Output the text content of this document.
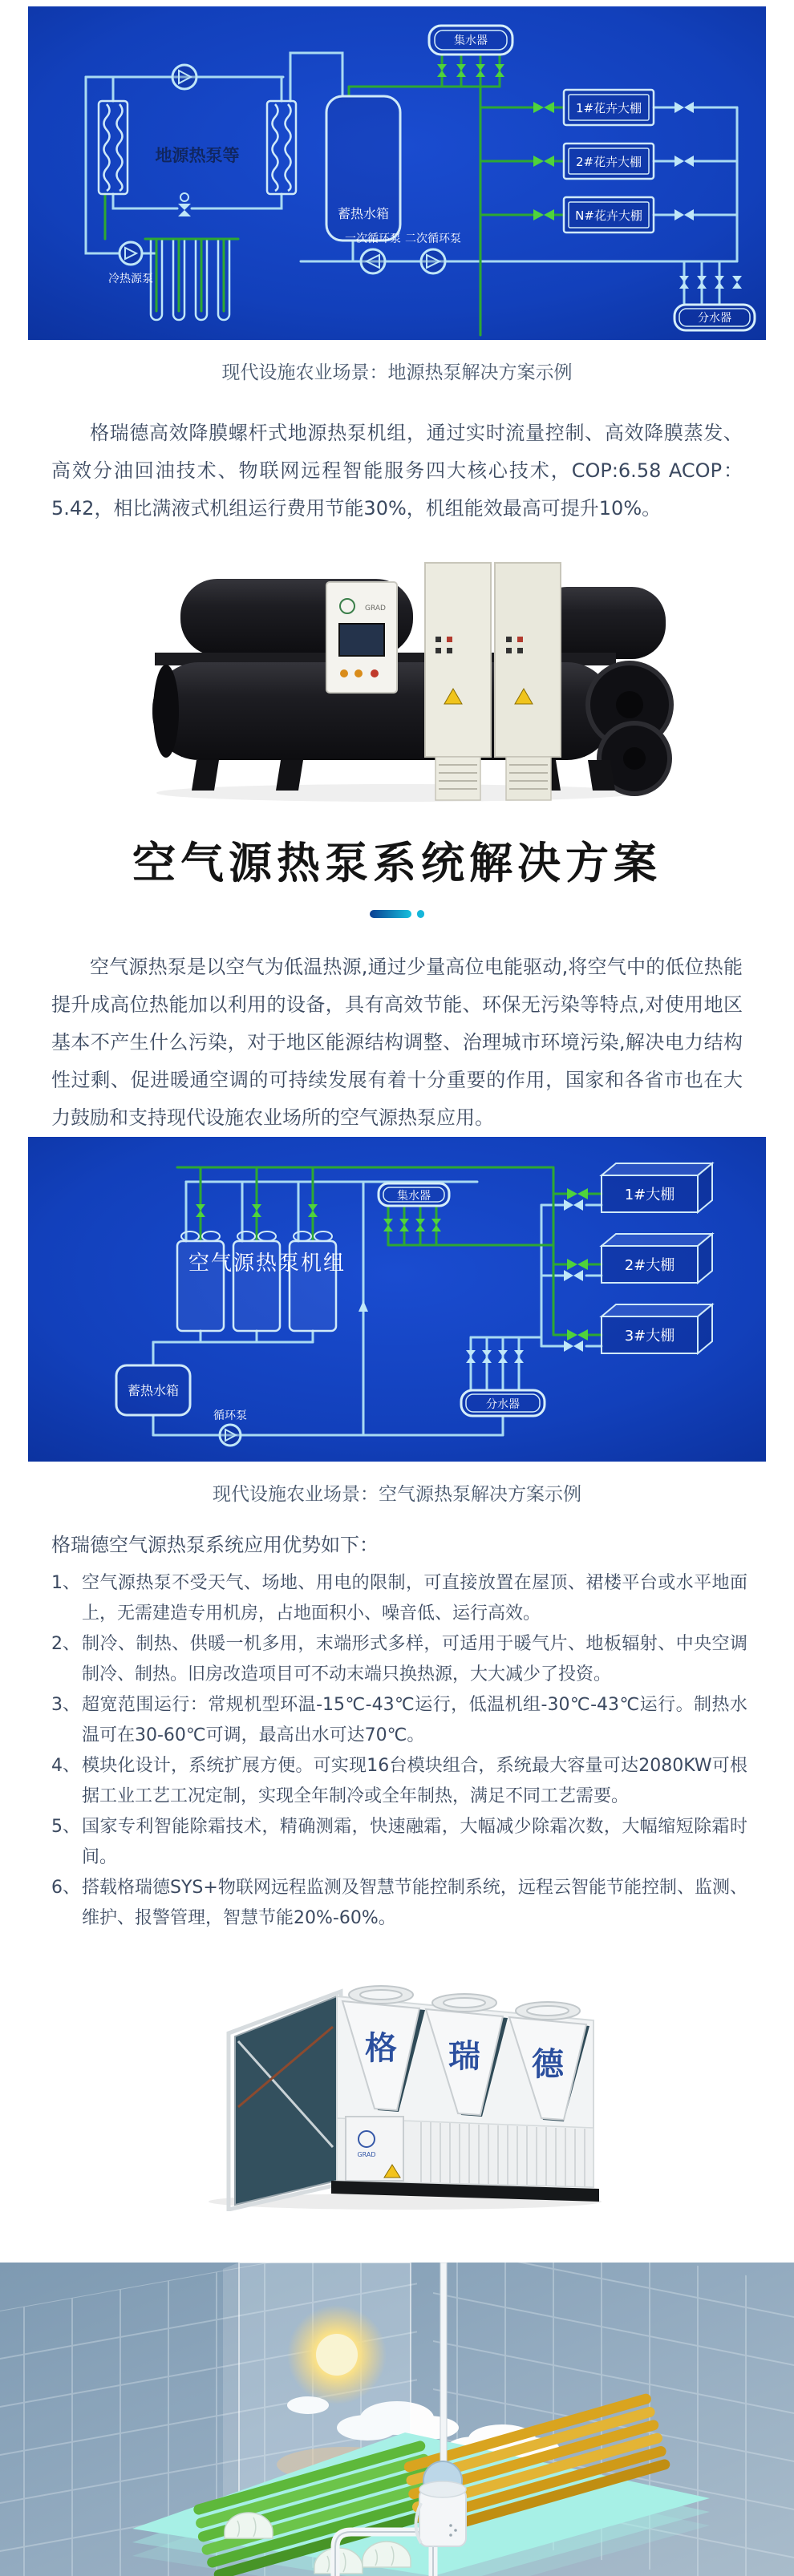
集水器
1#花卉大棚
2#花卉大棚
N#花卉大棚
蓄热水箱
一次循环泵 二次循环泵
冷热源泵
分水器
地源热泵等
现代设施农业场景：地源热泵解决方案示例

格瑞德高效降膜螺杆式地源热泵机组，通过实时流量控制、高效降膜蒸发、高效分油回油技术、物联网远程智能服务四大核心技术，COP:6.58 ACOP：5.42，相比满液式机组运行费用节能30%，机组能效最高可提升10%。

GRAD
空气源热泵系统解决方案

空气源热泵是以空气为低温热源,通过少量高位电能驱动,将空气中的低位热能提升成高位热能加以利用的设备，具有高效节能、环保无污染等特点,对使用地区基本不产生什么污染，对于地区能源结构调整、治理城市环境污染,解决电力结构性过剩、促进暖通空调的可持续发展有着十分重要的作用，国家和各省市也在大力鼓励和支持现代设施农业场所的空气源热泵应用。

空气源热泵机组
集水器	1#大棚
2#大棚
3#大棚
蓄热水箱
循环泵
分水器
现代设施农业场景：空气源热泵解决方案示例

格瑞德空气源热泵系统应用优势如下：

1、 空气源热泵不受天气、场地、用电的限制，可直接放置在屋顶、裙楼平台或水平地面上，无需建造专用机房，占地面积小、噪音低、运行高效。
2、 制冷、制热、供暖一机多用，末端形式多样，可适用于暖气片、地板辐射、中央空调制冷、制热。旧房改造项目可不动末端只换热源，大大减少了投资。
3、 超宽范围运行：常规机型环温-15℃-43℃运行，低温机组-30℃-43℃运行。制热水温可在30-60℃可调，最高出水可达70℃。
4、 模块化设计，系统扩展方便。可实现16台模块组合，系统最大容量可达2080KW可根据工业工艺工况定制，实现全年制冷或全年制热，满足不同工艺需要。
5、 国家专利智能除霜技术，精确测霜，快速融霜，大幅减少除霜次数，大幅缩短除霜时间。
6、 搭载格瑞德SYS+物联网远程监测及智慧节能控制系统，远程云智能节能控制、监测、维护、报警管理，智慧节能20%-60%。
格 瑞 德
GRAD
